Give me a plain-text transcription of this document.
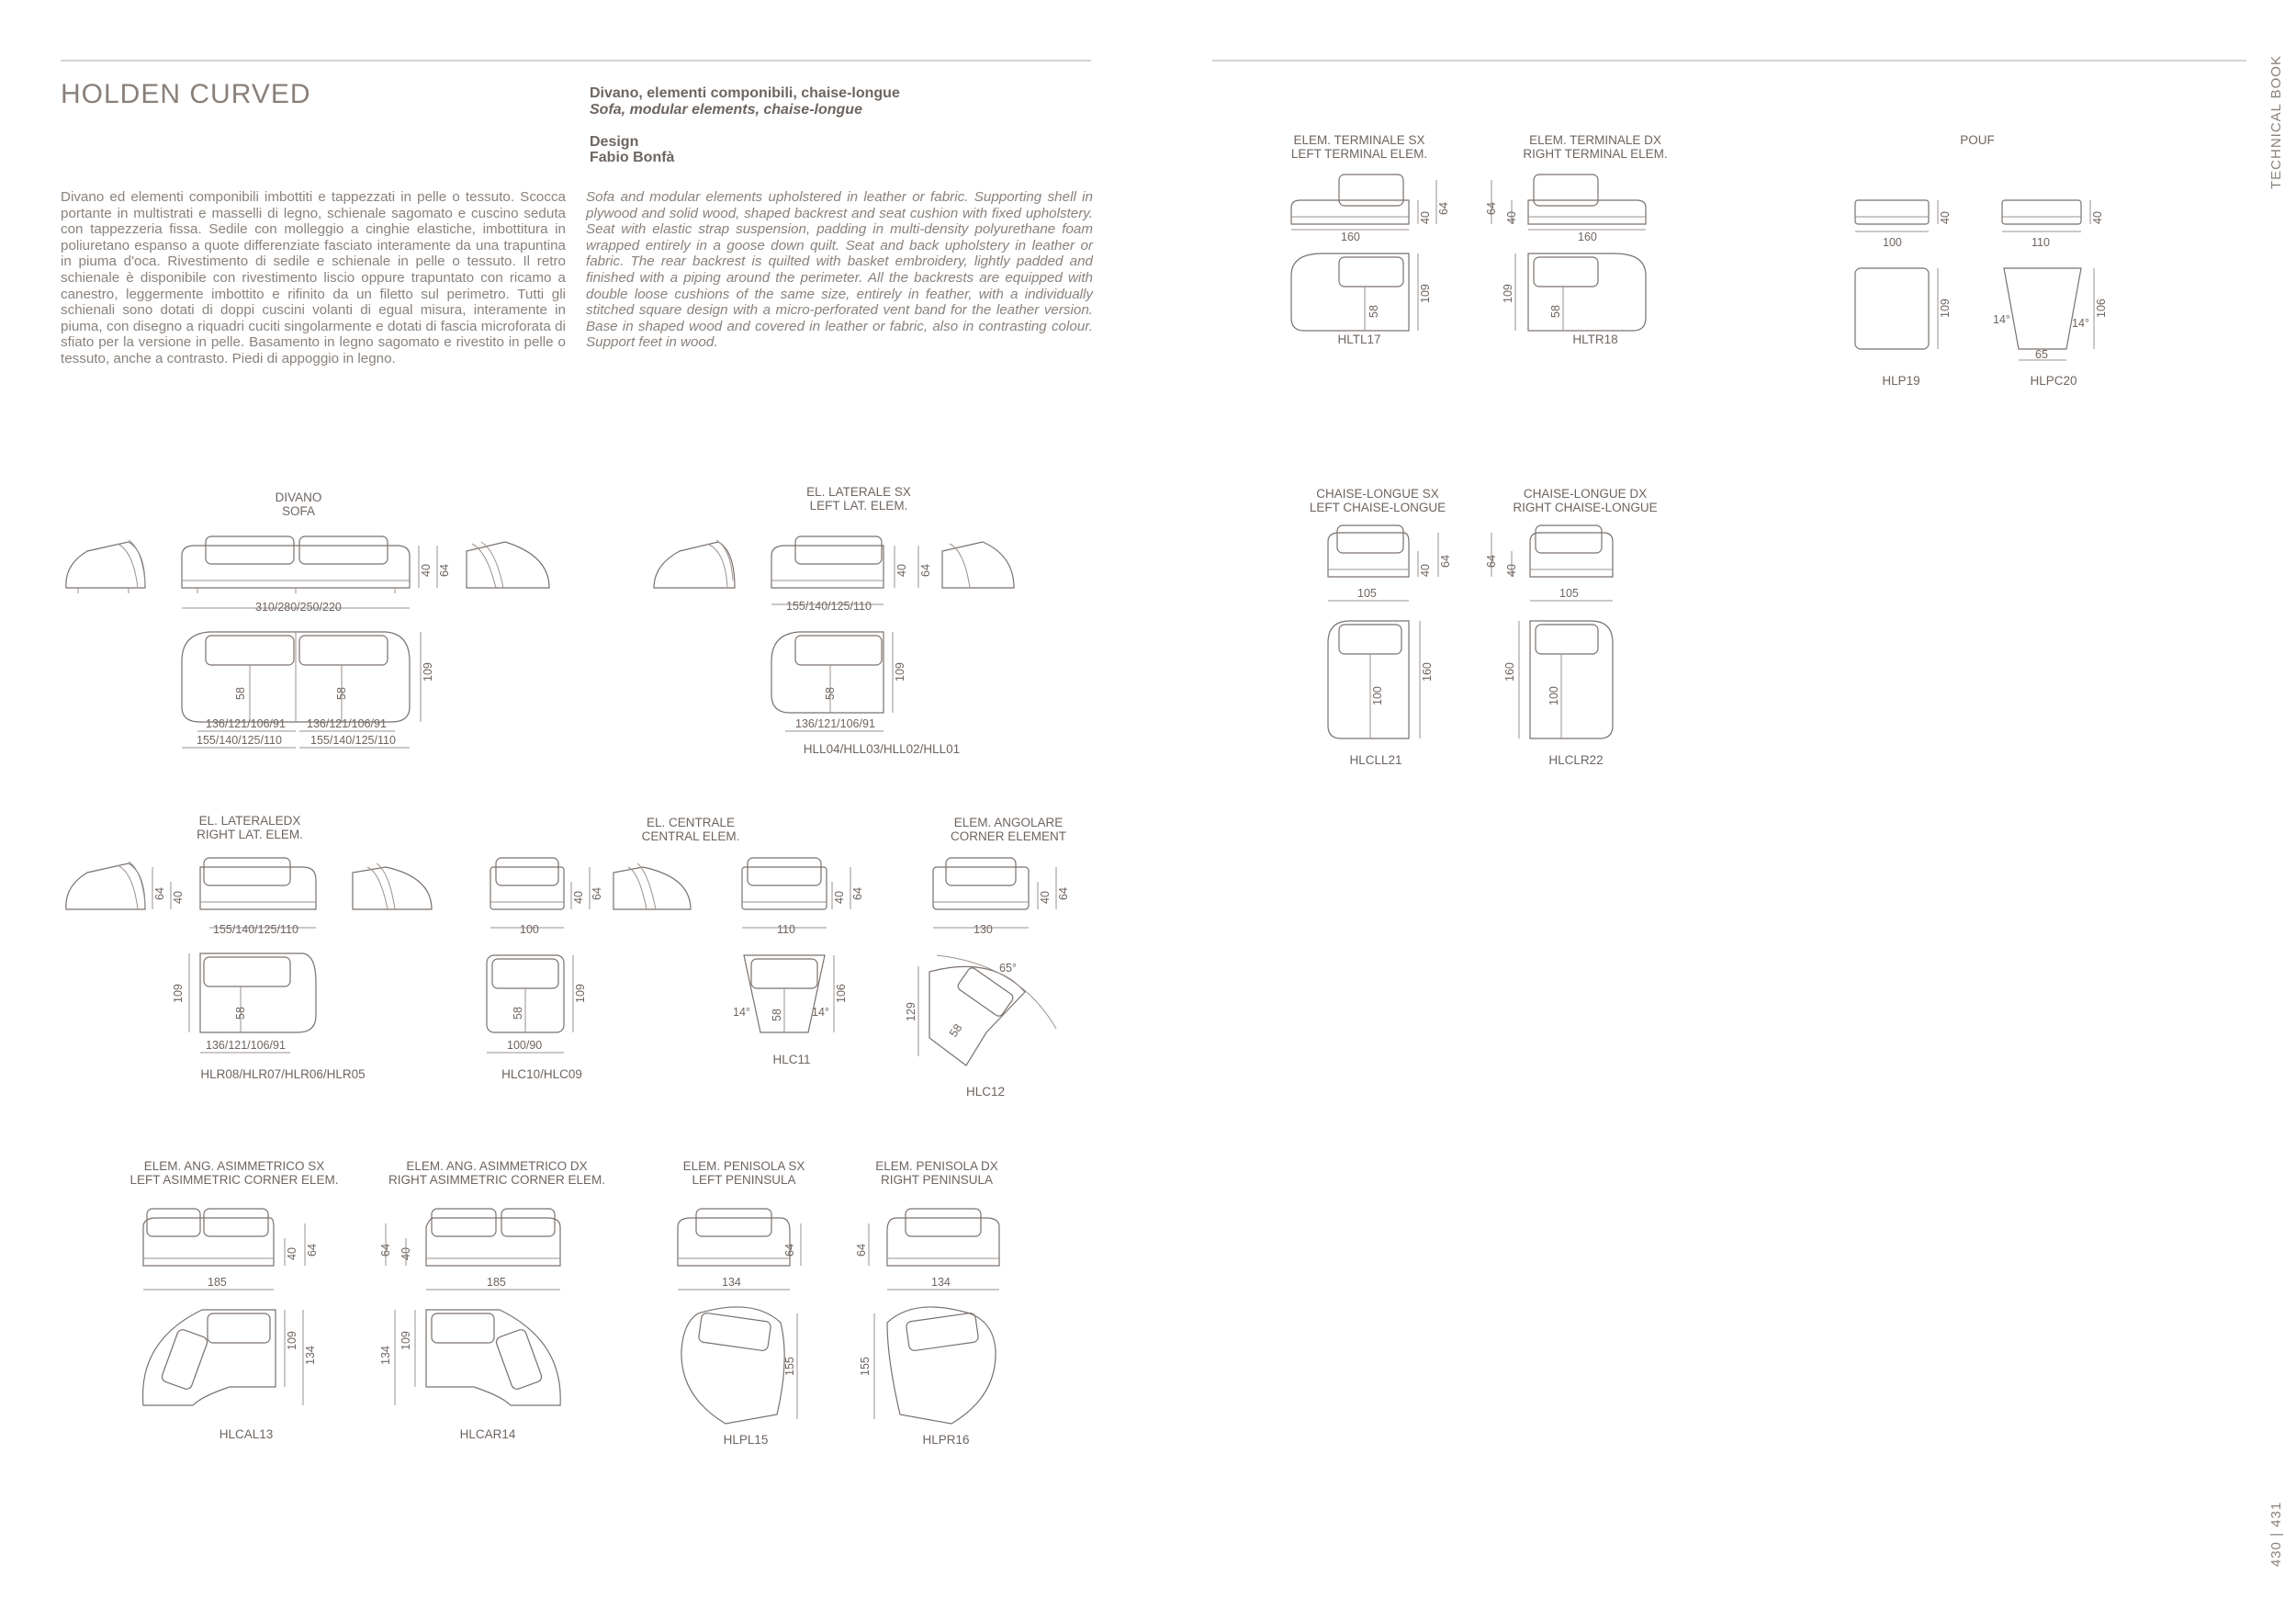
HOLDEN CURVED	Divano, elementi componibili, chaise-longue
Sofa, modular elements, chaise-longue
Design
Fabio Bonfà
Divano ed elementi componibili imbottiti e tappezzati in pelle o tessuto. Scocca portante in multistrati e masselli di legno, schienale sagomato e cuscino seduta con tappezzeria fissa. Sedile con molleggio a cinghie elastiche, imbottitura in poliuretano espanso a quote differenziate fasciato interamente da una trapuntina in piuma d'oca. Rivestimento di sedile e schienale in pelle o tessuto. Il retro schienale è disponibile con rivestimento liscio oppure trapuntato con ricamo a canestro, leggermente imbottito e rifinito da un filetto sul perimetro. Tutti gli schienali sono dotati di doppi cuscini volanti di egual misura, interamente in piuma, con disegno a riquadri cuciti singolarmente e dotati di fascia microforata di sfiato per la versione in pelle. Basamento in legno sagomato e rivestito in pelle o tessuto, anche a contrasto. Piedi di appoggio in legno.
Sofa and modular elements upholstered in leather or fabric. Supporting shell in plywood and solid wood, shaped backrest and seat cushion with fixed upholstery. Seat with elastic strap suspension, padding in multi-density polyurethane foam wrapped entirely in a goose down quilt. Seat and back upholstery in leather or fabric. The rear backrest is quilted with basket embroidery, lightly padded and finished with a piping around the perimeter. All the backrests are equipped with double loose cushions of the same size, entirely in feather, with a individually stitched square design with a micro-perforated vent band for the leather version. Base in shaped wood and covered in leather or fabric, also in contrasting colour. Support feet in wood.
TECHNICAL BOOK
430 | 431
DIVANO
SOFA
EL. LATERALE SX
LEFT LAT. ELEM.
EL. LATERALEDX
RIGHT LAT. ELEM.
EL. CENTRALE
CENTRAL ELEM.
ELEM. ANGOLARE
CORNER ELEMENT
ELEM. ANG. ASIMMETRICO SX
LEFT ASIMMETRIC CORNER ELEM.
ELEM. ANG. ASIMMETRICO DX
RIGHT ASIMMETRIC CORNER ELEM.
ELEM. PENISOLA SX
LEFT PENINSULA
ELEM. PENISOLA DX
RIGHT PENINSULA
ELEM. TERMINALE SX
LEFT TERMINAL ELEM.
ELEM. TERMINALE DX
RIGHT TERMINAL ELEM.
POUF
CHAISE-LONGUE SX
LEFT CHAISE-LONGUE
CHAISE-LONGUE DX
RIGHT CHAISE-LONGUE
HLL04/HLL03/HLL02/HLL01
HLR08/HLR07/HLR06/HLR05	HLC10/HLC09
HLC11
HLC12
HLCAL13	HLCAR14	HLPL15	HLPR16
HLTL17	HLTR18
HLP19	HLPC20
HLCLL21	HLCLR22
310/280/250/220
40 64
58	58
109
136/121/106/91 136/121/106/91
155/140/125/110 155/140/125/110
155/140/125/110
40 64
58
109
136/121/106/91
64 40
155/140/125/110
58
109
136/121/106/91
100
40 64
58
109
100/90
110
40 64
58
106
14°	14°
130
40 64
129
58
65°
185
40 64
109
134
185
64 40
134
109
134
64
155
134
64
155
160
40
64
58
109
160
64
40
58
109
100
40
110
40
109	106
14°	14°
65
105
40
64
100
160
105
64
40
100
160
